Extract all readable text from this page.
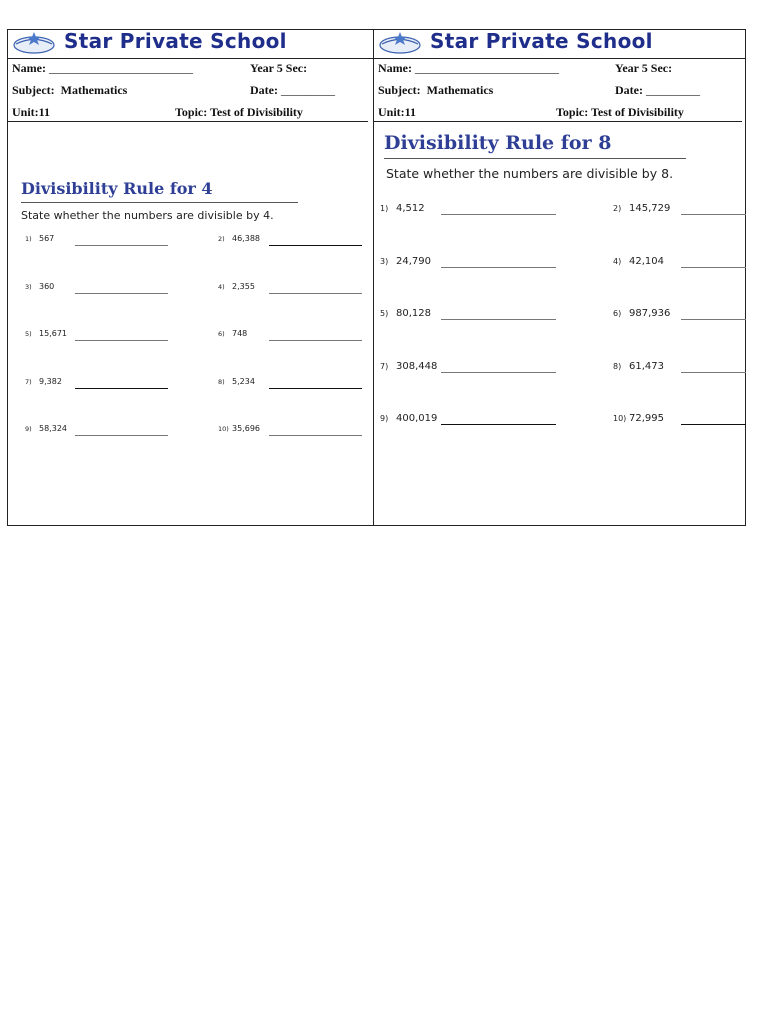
Star Private School
Name: ________________________	Year 5 Sec:
Subject: Mathematics	Date: _________
Unit:11	Topic: Test of Divisibility
Divisibility Rule for 4
State whether the numbers are divisible by 4.
1) 567	2) 46,388
3) 360	4) 2,355
5) 15,671	6) 748
7) 9,382	8) 5,234
9) 58,324	10) 35,696
Star Private School
Name: ________________________	Year 5 Sec:
Subject: Mathematics	Date: _________
Unit:11	Topic: Test of Divisibility
Divisibility Rule for 8
State whether the numbers are divisible by 8.
1) 4,512	2) 145,729
3) 24,790	4) 42,104
5) 80,128	6) 987,936
7) 308,448	8) 61,473
9) 400,019	10) 72,995
